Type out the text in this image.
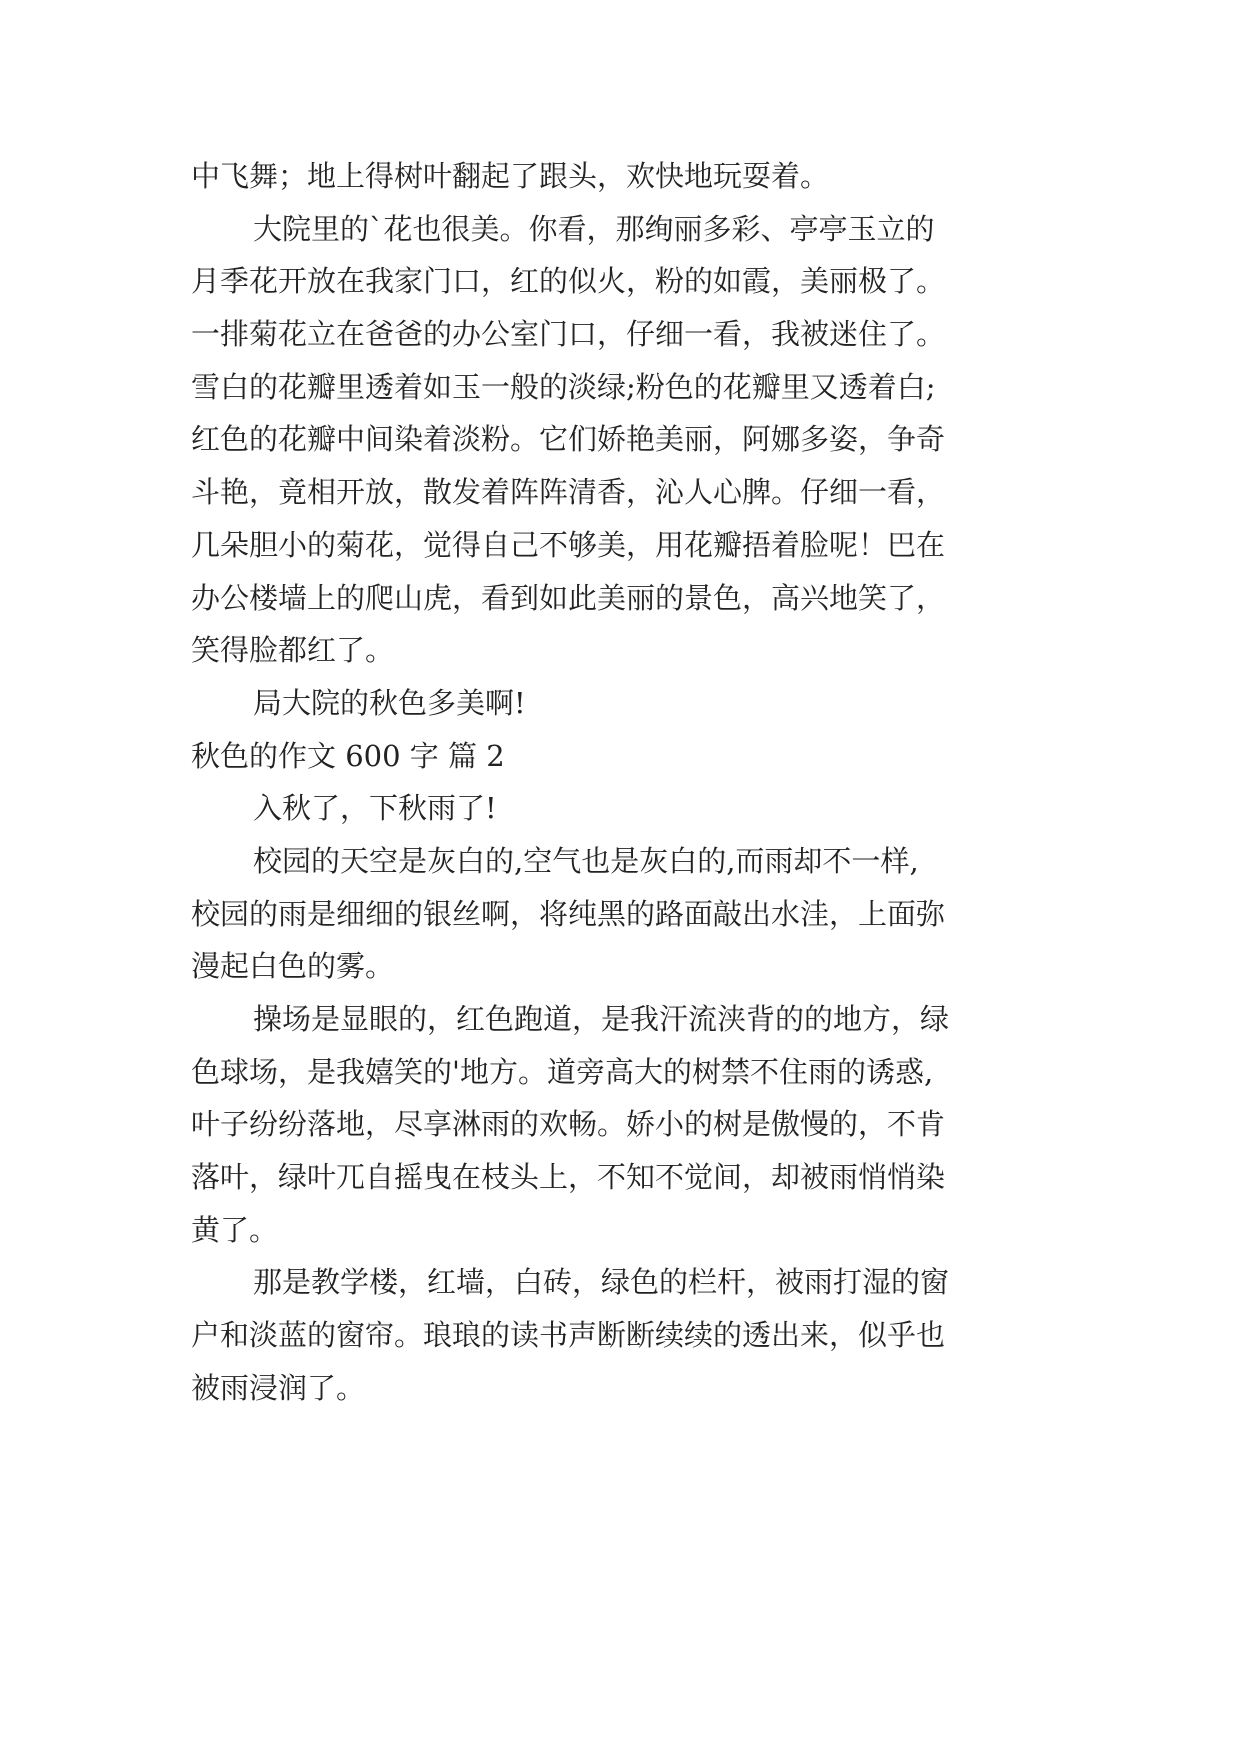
中飞舞；地上得树叶翻起了跟头，欢快地玩耍着。
大院里的`花也很美。你看，那绚丽多彩、亭亭玉立的
月季花开放在我家门口，红的似火，粉的如霞，美丽极了。
一排菊花立在爸爸的办公室门口，仔细一看，我被迷住了。
雪白的花瓣里透着如玉一般的淡绿;粉色的花瓣里又透着白;
红色的花瓣中间染着淡粉。它们娇艳美丽，阿娜多姿，争奇
斗艳，竟相开放，散发着阵阵清香，沁人心脾。仔细一看，
几朵胆小的菊花，觉得自己不够美，用花瓣捂着脸呢！巴在
办公楼墙上的爬山虎，看到如此美丽的景色，高兴地笑了，
笑得脸都红了。
局大院的秋色多美啊!
秋色的作文 600 字 篇 2
入秋了，下秋雨了!
校园的天空是灰白的,空气也是灰白的,而雨却不一样,
校园的雨是细细的银丝啊，将纯黑的路面敲出水洼，上面弥
漫起白色的雾。
操场是显眼的，红色跑道，是我汗流浃背的的地方，绿
色球场，是我嬉笑的'地方。道旁高大的树禁不住雨的诱惑,
叶子纷纷落地，尽享淋雨的欢畅。娇小的树是傲慢的，不肯
落叶，绿叶兀自摇曳在枝头上，不知不觉间，却被雨悄悄染
黄了。
那是教学楼，红墙，白砖，绿色的栏杆，被雨打湿的窗
户和淡蓝的窗帘。琅琅的读书声断断续续的透出来，似乎也
被雨浸润了。
